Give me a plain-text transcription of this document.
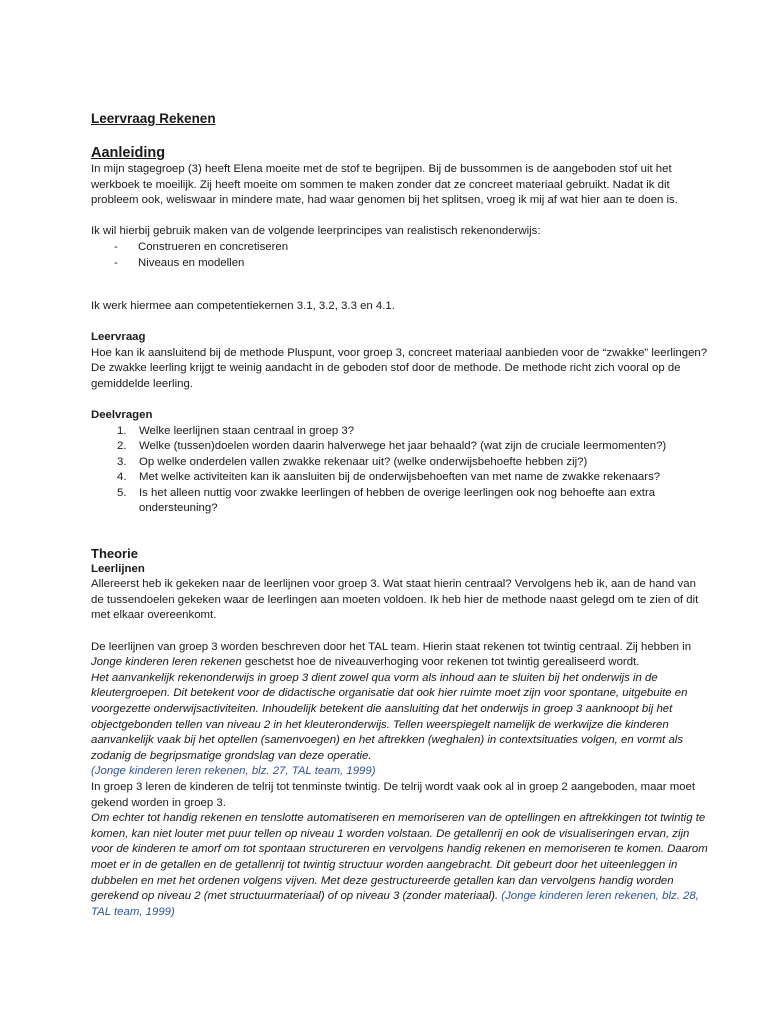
Leervraag Rekenen
Aanleiding

In mijn stagegroep (3) heeft Elena moeite met de stof te begrijpen. Bij de bussommen is de aangeboden stof uit het werkboek te moeilijk. Zij heeft moeite om sommen te maken zonder dat ze concreet materiaal gebruikt. Nadat ik dit probleem ook, weliswaar in mindere mate, had waar genomen bij het splitsen, vroeg ik mij af wat hier aan te doen is.

Ik wil hierbij gebruik maken van de volgende leerprincipes van realistisch rekenonderwijs:

- Construeren en concretiseren
- Niveaus en modellen

Ik werk hiermee aan competentiekernen 3.1, 3.2, 3.3 en 4.1.

Leervraag

Hoe kan ik aansluitend bij de methode Pluspunt, voor groep 3, concreet materiaal aanbieden voor de “zwakke” leerlingen? De zwakke leerling krijgt te weinig aandacht in de geboden stof door de methode. De methode richt zich vooral op de gemiddelde leerling.

Deelvragen
1. Welke leerlijnen staan centraal in groep 3?
2. Welke (tussen)doelen worden daarin halverwege het jaar behaald? (wat zijn de cruciale leermomenten?)
3. Op welke onderdelen vallen zwakke rekenaar uit? (welke onderwijsbehoefte hebben zij?)
4. Met welke activiteiten kan ik aansluiten bij de onderwijsbehoeften van met name de zwakke rekenaars?
5. Is het alleen nuttig voor zwakke leerlingen of hebben de overige leerlingen ook nog behoefte aan extra ondersteuning?
Theorie
Leerlijnen

Allereerst heb ik gekeken naar de leerlijnen voor groep 3. Wat staat hierin centraal? Vervolgens heb ik, aan de hand van de tussendoelen gekeken waar de leerlingen aan moeten voldoen. Ik heb hier de methode naast gelegd om te zien of dit met elkaar overeenkomt.

De leerlijnen van groep 3 worden beschreven door het TAL team. Hierin staat rekenen tot twintig centraal. Zij hebben in Jonge kinderen leren rekenen geschetst hoe de niveauverhoging voor rekenen tot twintig gerealiseerd wordt.

Het aanvankelijk rekenonderwijs in groep 3 dient zowel qua vorm als inhoud aan te sluiten bij het onderwijs in de kleutergroepen. Dit betekent voor de didactische organisatie dat ook hier ruimte moet zijn voor spontane, uitgebuite en voorgezette onderwijsactiviteiten. Inhoudelijk betekent die aansluiting dat het onderwijs in groep 3 aanknoopt bij het objectgebonden tellen van niveau 2 in het kleuteronderwijs. Tellen weerspiegelt namelijk de werkwijze die kinderen aanvankelijk vaak bij het optellen (samenvoegen) en het aftrekken (weghalen) in contextsituaties volgen, en vormt als zodanig de begripsmatige grondslag van deze operatie.

(Jonge kinderen leren rekenen, blz. 27, TAL team, 1999)

In groep 3 leren de kinderen de telrij tot tenminste twintig. De telrij wordt vaak ook al in groep 2 aangeboden, maar moet gekend worden in groep 3.

Om echter tot handig rekenen en tenslotte automatiseren en memoriseren van de optellingen en aftrekkingen tot twintig te komen, kan niet louter met puur tellen op niveau 1 worden volstaan. De getallenrij en ook de visualiseringen ervan, zijn voor de kinderen te amorf om tot spontaan structureren en vervolgens handig rekenen en memoriseren te komen. Daarom moet er in de getallen en de getallenrij tot twintig structuur worden aangebracht. Dit gebeurt door het uiteenleggen in dubbelen en met het ordenen volgens vijven. Met deze gestructureerde getallen kan dan vervolgens handig worden gerekend op niveau 2 (met structuurmateriaal) of op niveau 3 (zonder materiaal). (Jonge kinderen leren rekenen, blz. 28, TAL team, 1999)
